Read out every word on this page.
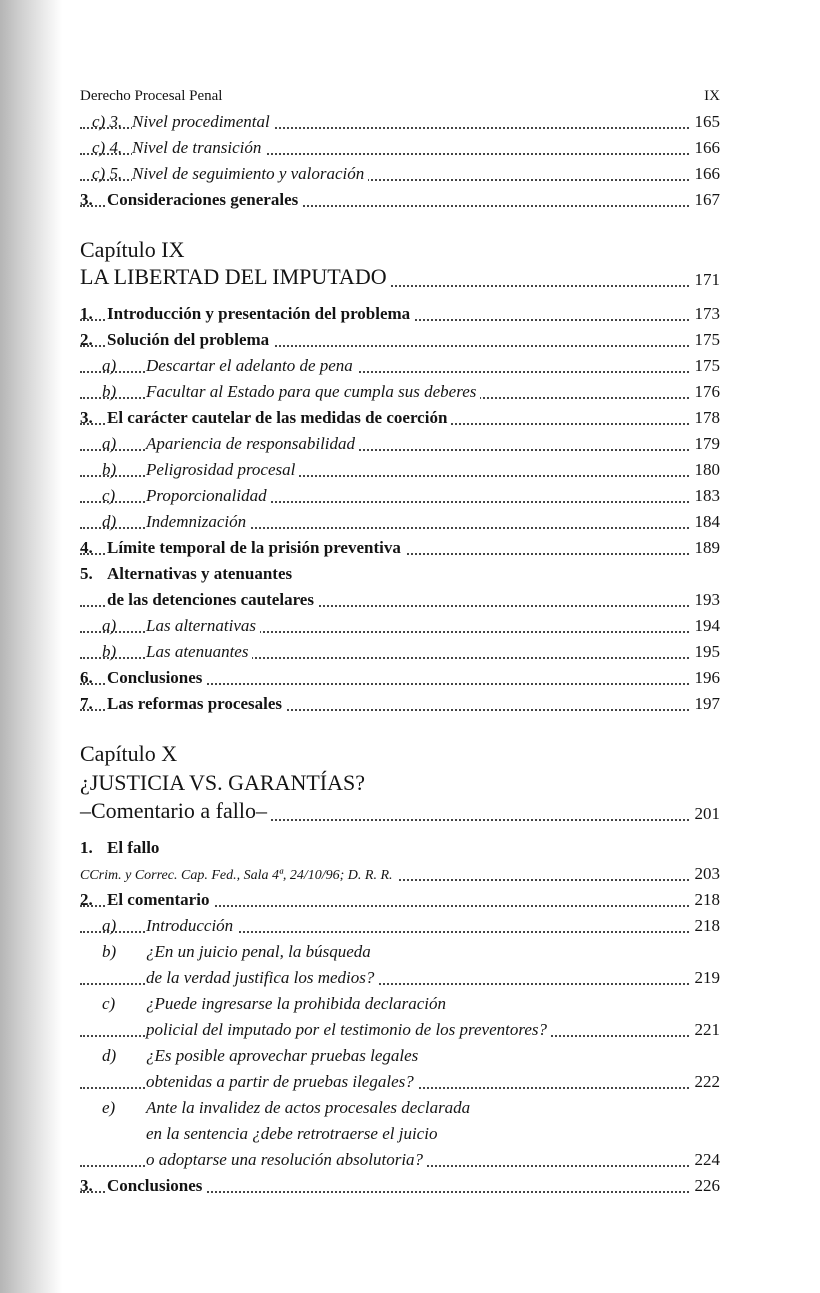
Derecho Procesal Penal	IX
c) 3. Nivel procedimental	165
c) 4. Nivel de transición	166
c) 5. Nivel de seguimiento y valoración	166
3. Consideraciones generales	167
Capítulo IX
LA LIBERTAD DEL IMPUTADO	171
1. Introducción y presentación del problema	173
2. Solución del problema	175
a) Descartar el adelanto de pena	175
b) Facultar al Estado para que cumpla sus deberes	176
3. El carácter cautelar de las medidas de coerción	178
a) Apariencia de responsabilidad	179
b) Peligrosidad procesal	180
c) Proporcionalidad	183
d) Indemnización	184
4. Límite temporal de la prisión preventiva	189
5. Alternativas y atenuantes
de las detenciones cautelares	193
a) Las alternativas	194
b) Las atenuantes	195
6. Conclusiones	196
7. Las reformas procesales	197
Capítulo X
¿JUSTICIA VS. GARANTÍAS?
–Comentario a fallo–	201
1. El fallo
CCrim. y Correc. Cap. Fed., Sala 4ª, 24/10/96; D. R. R.	203
2. El comentario	218
a) Introducción	218
b) ¿En un juicio penal, la búsqueda
de la verdad justifica los medios?	219
c) ¿Puede ingresarse la prohibida declaración
policial del imputado por el testimonio de los preventores?	221
d) ¿Es posible aprovechar pruebas legales
obtenidas a partir de pruebas ilegales?	222
e) Ante la invalidez de actos procesales declarada
en la sentencia ¿debe retrotraerse el juicio
o adoptarse una resolución absolutoria?	224
3. Conclusiones	226
